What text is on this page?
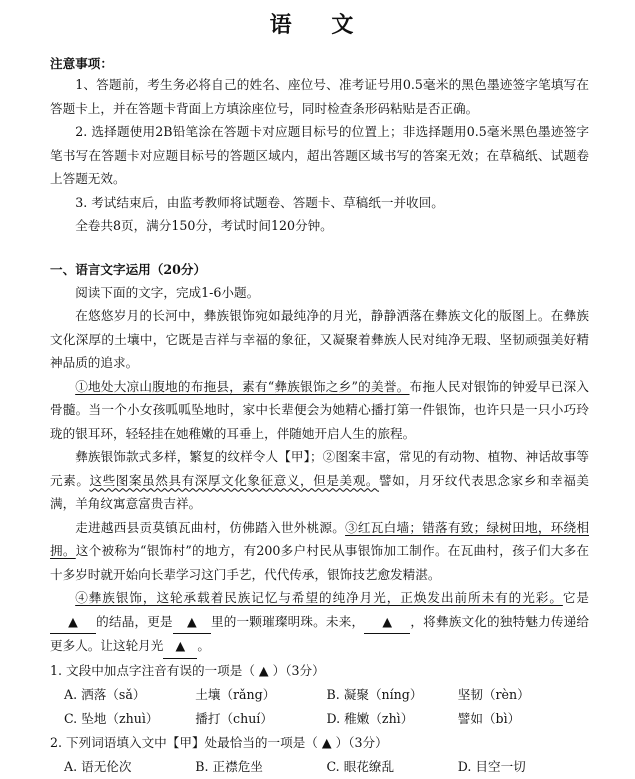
语 文
注意事项：

1、答题前，考生务必将自己的姓名、座位号、准考证号用0.5毫米的黑色墨迹签字笔填写在答题卡上，并在答题卡背面上方填涂座位号，同时检查条形码粘贴是否正确。

2. 选择题使用2B铅笔涂在答题卡对应题目标号的位置上；非选择题用0.5毫米黑色墨迹签字笔书写在答题卡对应题目标号的答题区域内，超出答题区域书写的答案无效；在草稿纸、试题卷上答题无效。

3. 考试结束后，由监考教师将试题卷、答题卡、草稿纸一并收回。

全卷共8页，满分150分，考试时间120分钟。

一、语言文字运用（20分）

阅读下面的文字，完成1-6小题。

在悠悠岁月的长河中，彝族银饰宛如最纯净的月光，静静洒落在彝族文化的版图上。在彝族文化深厚的土壤中，它既是吉祥与幸福的象征，又凝聚着彝族人民对纯净无瑕、坚韧顽强美好精神品质的追求。

①地处大凉山腹地的布拖县，素有“彝族银饰之乡”的美誉。布拖人民对银饰的钟爱早已深入骨髓。当一个小女孩呱呱坠地时，家中长辈便会为她精心播打第一件银饰，也许只是一只小巧玲珑的银耳环，轻轻挂在她稚嫩的耳垂上，伴随她开启人生的旅程。

彝族银饰款式多样，繁复的纹样令人【甲】；②图案丰富，常见的有动物、植物、神话故事等元素。这些图案虽然具有深厚文化象征意义，但是美观。譬如，月牙纹代表思念家乡和幸福美满，羊角纹寓意富贵吉祥。

走进越西县贡莫镇瓦曲村，仿佛踏入世外桃源。③红瓦白墙；错落有致；绿树田地，环绕相拥。这个被称为“银饰村”的地方，有200多户村民从事银饰加工制作。在瓦曲村，孩子们大多在十多岁时就开始向长辈学习这门手艺，代代传承，银饰技艺愈发精湛。

④彝族银饰，这轮承载着民族记忆与希望的纯净月光，正焕发出前所未有的光彩。它是▲ 的结晶，更是 ▲ 里的一颗璀璨明珠。未来， ▲ ，将彝族文化的独特魅力传递给更多人。让这轮月光 ▲ 。

1. 文段中加点字注音有误的一项是（ ▲ ）（3分）

A. 洒落（sǎ）	土壤（rǎng）	B. 凝聚（níng）	坚韧（rèn）
C. 坠地（zhuì）	播打（chuí）	D. 稚嫩（zhì）	譬如（bì）

2. 下列词语填入文中【甲】处最恰当的一项是（ ▲ ）（3分）

A. 语无伦次	B. 正襟危坐	C. 眼花缭乱	D. 目空一切
